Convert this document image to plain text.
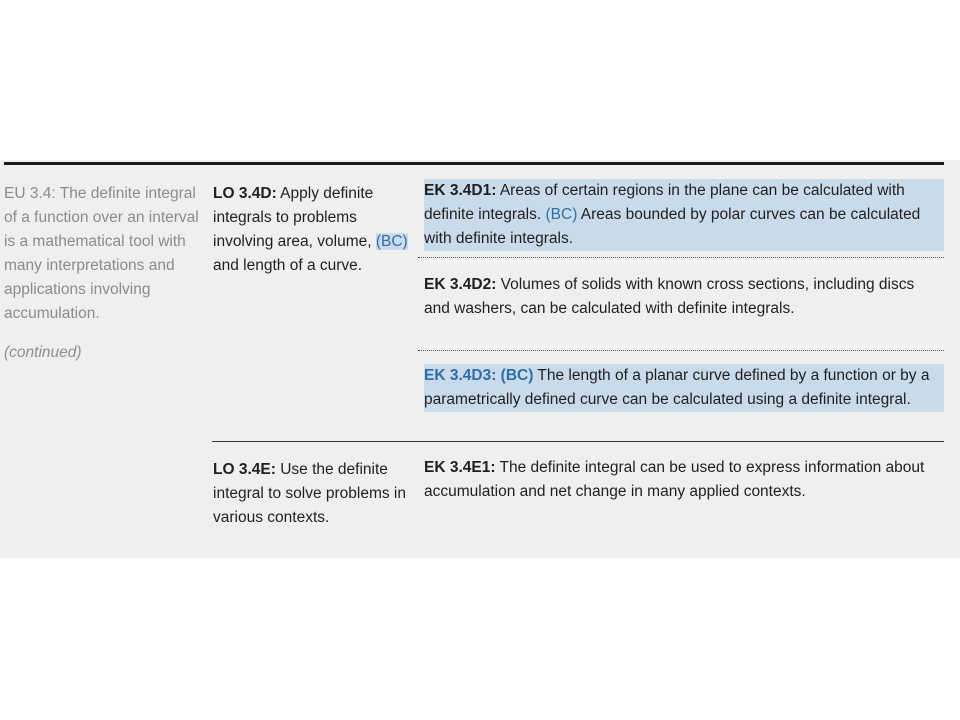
EU 3.4: The definite integral of a function over an interval is a mathematical tool with many interpretations and applications involving accumulation.

(continued)

LO 3.4D: Apply definite integrals to problems involving area, volume, (BC) and length of a curve.
EK 3.4D1: Areas of certain regions in the plane can be calculated with definite integrals. (BC) Areas bounded by polar curves can be calculated with definite integrals.
EK 3.4D2: Volumes of solids with known cross sections, including discs and washers, can be calculated with definite integrals.
EK 3.4D3: (BC) The length of a planar curve defined by a function or by a parametrically defined curve can be calculated using a definite integral.
LO 3.4E: Use the definite integral to solve problems in various contexts.
EK 3.4E1: The definite integral can be used to express information about accumulation and net change in many applied contexts.
